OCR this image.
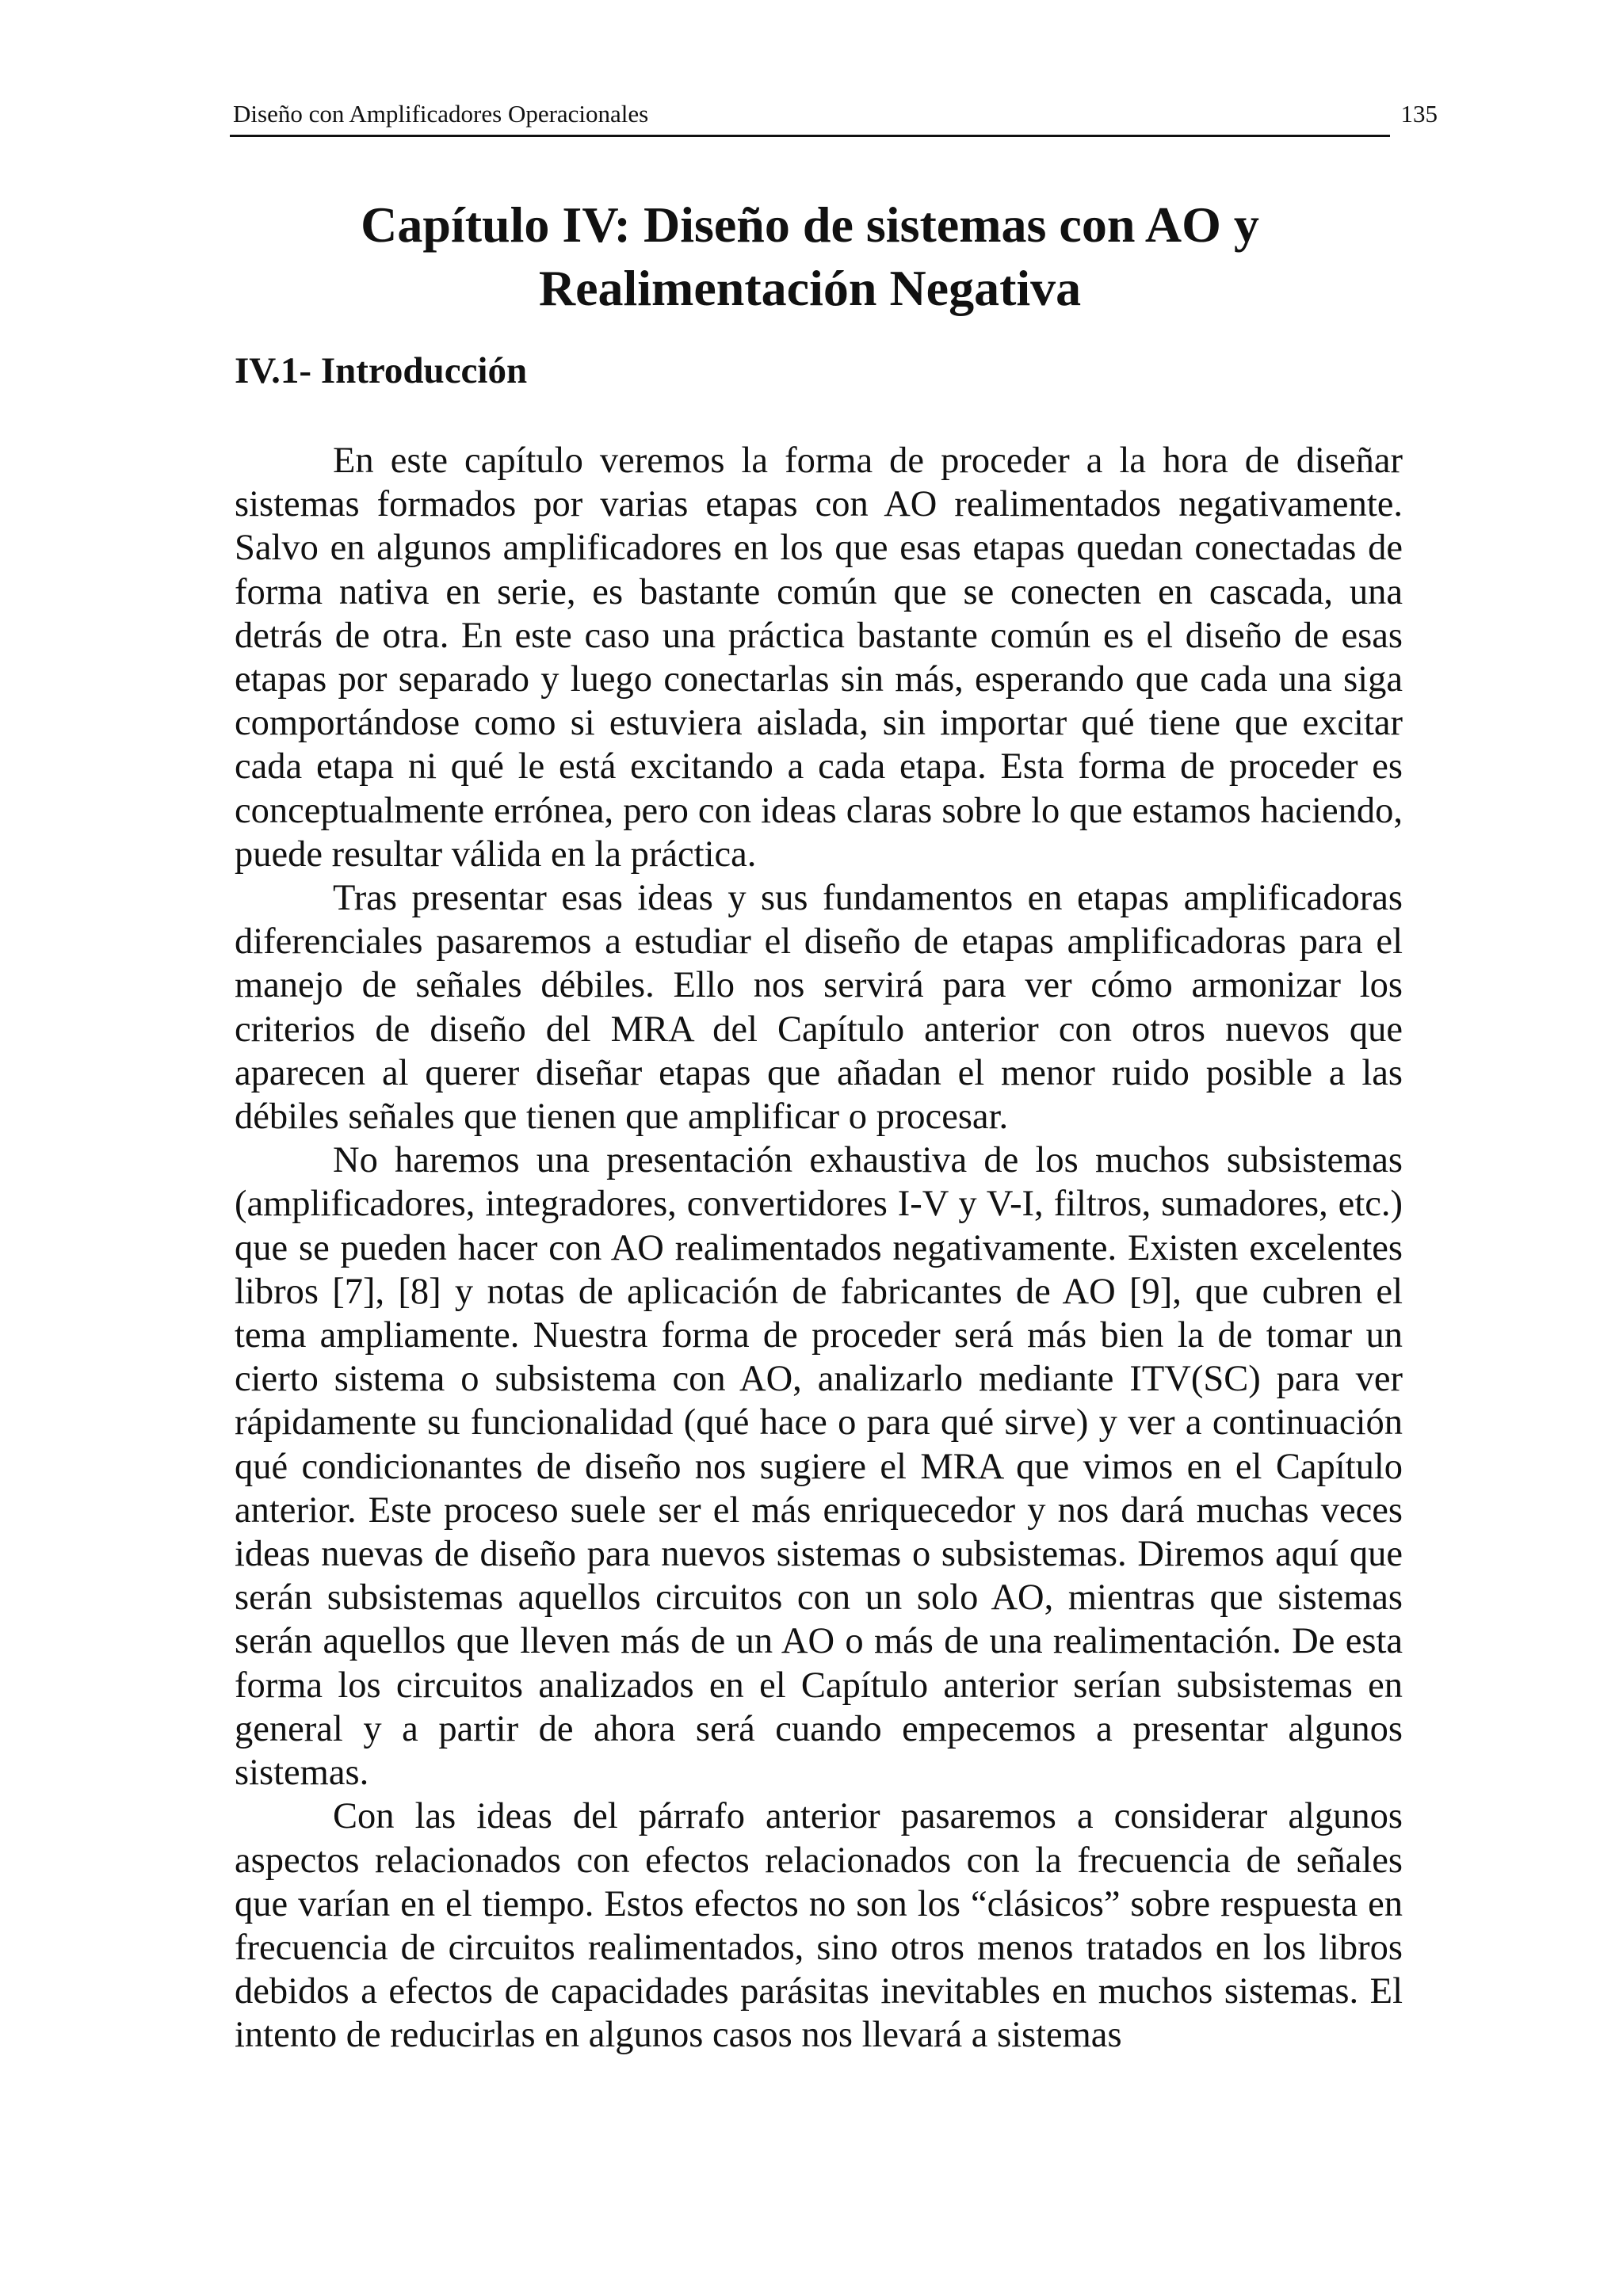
Diseño con Amplificadores Operacionales	135
Capítulo IV: Diseño de sistemas con AO y
Realimentación Negativa
IV.1- Introducción

En este capítulo veremos la forma de proceder a la hora de diseñar sistemas formados por varias etapas con AO realimentados negativamente. Salvo en algunos amplificadores en los que esas etapas quedan conectadas de forma nativa en serie, es bastante común que se conecten en cascada, una detrás de otra. En este caso una práctica bastante común es el diseño de esas etapas por separado y luego conectarlas sin más, esperando que cada una siga comportándose como si estuviera aislada, sin importar qué tiene que excitar cada etapa ni qué le está excitando a cada etapa. Esta forma de proceder es conceptualmente errónea, pero con ideas claras sobre lo que estamos haciendo, puede resultar válida en la práctica.

Tras presentar esas ideas y sus fundamentos en etapas amplificadoras diferenciales pasaremos a estudiar el diseño de etapas amplificadoras para el manejo de señales débiles. Ello nos servirá para ver cómo armonizar los criterios de diseño del MRA del Capítulo anterior con otros nuevos que aparecen al querer diseñar etapas que añadan el menor ruido posible a las débiles señales que tienen que amplificar o procesar.

No haremos una presentación exhaustiva de los muchos subsistemas (amplificadores, integradores, convertidores I-V y V-I, filtros, sumadores, etc.) que se pueden hacer con AO realimentados negativamente. Existen excelentes libros [7], [8] y notas de aplicación de fabricantes de AO [9], que cubren el tema ampliamente. Nuestra forma de proceder será más bien la de tomar un cierto sistema o subsistema con AO, analizarlo mediante ITV(SC) para ver rápidamente su funcionalidad (qué hace o para qué sirve) y ver a continuación qué condicionantes de diseño nos sugiere el MRA que vimos en el Capítulo anterior. Este proceso suele ser el más enriquecedor y nos dará muchas veces ideas nuevas de diseño para nuevos sistemas o subsistemas. Diremos aquí que serán subsistemas aquellos circuitos con un solo AO, mientras que sistemas serán aquellos que lleven más de un AO o más de una realimentación. De esta forma los circuitos analizados en el Capítulo anterior serían subsistemas en general y a partir de ahora será cuando empecemos a presentar algunos sistemas.

Con las ideas del párrafo anterior pasaremos a considerar algunos aspectos relacionados con efectos relacionados con la frecuencia de señales que varían en el tiempo. Estos efectos no son los “clásicos” sobre respuesta en frecuencia de circuitos realimentados, sino otros menos tratados en los libros debidos a efectos de capacidades parásitas inevitables en muchos sistemas. El intento de reducirlas en algunos casos nos llevará a sistemas
